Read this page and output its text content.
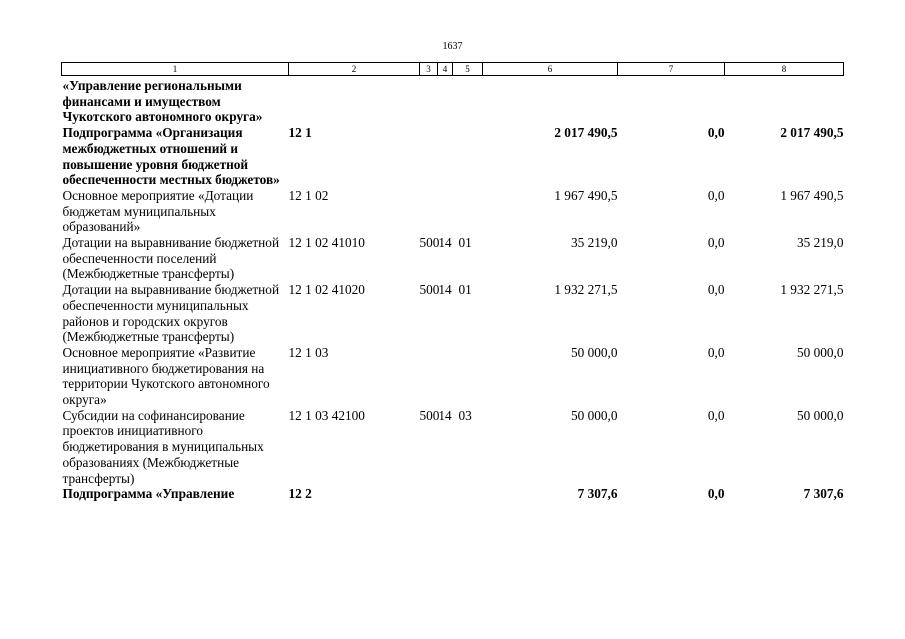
1637
1	2	3	4	5	6	7	8
«Управление региональными финансами и имуществом Чукотского автономного округа»							
Подпрограмма «Организация межбюджетных отношений и повышение уровня бюджетной обеспеченности местных бюджетов»	12 1				2 017 490,5	0,0	2 017 490,5
Основное мероприятие «Дотации бюджетам муниципальных образований»	12 1 02				1 967 490,5	0,0	1 967 490,5
Дотации на выравнивание бюджетной обеспеченности поселений (Межбюджетные трансферты)	12 1 02 41010	500	14	01	35 219,0	0,0	35 219,0
Дотации на выравнивание бюджетной обеспеченности муниципальных районов и городских округов (Межбюджетные трансферты)	12 1 02 41020	500	14	01	1 932 271,5	0,0	1 932 271,5
Основное мероприятие «Развитие инициативного бюджетирования на территории Чукотского автономного округа»	12 1 03				50 000,0	0,0	50 000,0
Субсидии на софинансирование проектов инициативного бюджетирования в муниципальных образованиях (Межбюджетные трансферты)	12 1 03 42100	500	14	03	50 000,0	0,0	50 000,0
Подпрограмма «Управление	12 2				7 307,6	0,0	7 307,6
